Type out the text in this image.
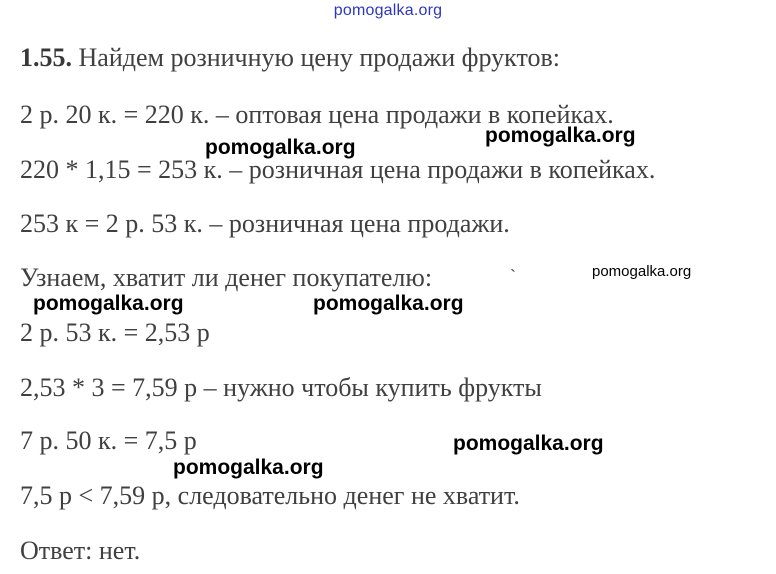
pomogalka.org
1.55. Найдем розничную цену продажи фруктов:
2 р. 20 к. = 220 к. – оптовая цена продажи в копейках.
220 * 1,15 = 253 к. – розничная цена продажи в копейках.
253 к = 2 р. 53 к. – розничная цена продажи.
Узнаем, хватит ли денег покупателю:
2 р. 53 к. = 2,53 р
2,53 * 3 = 7,59 р – нужно чтобы купить фрукты
7 р. 50 к. = 7,5 р
7,5 р < 7,59 р, следовательно денег не хватит.
Ответ: нет.
`
pomogalka.org
pomogalka.org
pomogalka.org
pomogalka.org	pomogalka.org
pomogalka.org
pomogalka.org
